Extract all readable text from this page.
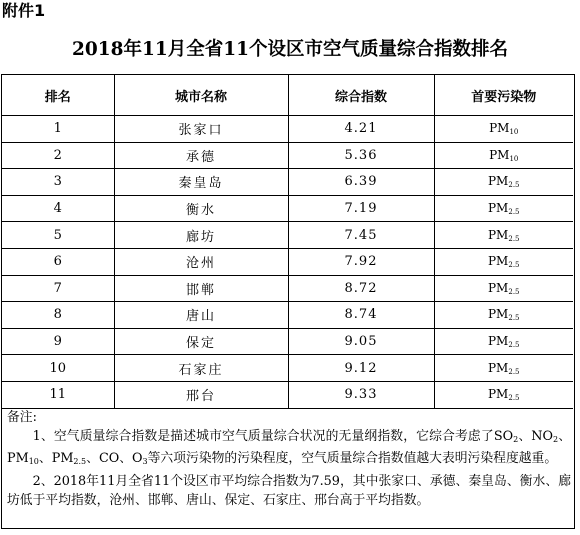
附件1
2018年11月全省11个设区市空气质量综合指数排名
排名	城市名称	综合指数	首要污染物
1	张家口	4.21	$PM_{10}$
2	承德	5.36	$PM_{10}$
3	秦皇岛	6.39	$PM_{2.5}$
4	衡水	7.19	$PM_{2.5}$
5	廊坊	7.45	$PM_{2.5}$
6	沧州	7.92	$PM_{2.5}$
7	邯郸	8.72	$PM_{2.5}$
8	唐山	8.74	$PM_{2.5}$
9	保定	9.05	$PM_{2.5}$
10	石家庄	9.12	$PM_{2.5}$
11	邢台	9.33	$PM_{2.5}$

备注:

1、空气质量综合指数是描述城市空气质量综合状况的无量纲指数，它综合考虑了$SO_2$、$NO_2$、$PM_{10}$、$PM_{2.5}$、CO、$O_3$等六项污染物的污染程度，空气质量综合指数值越大表明污染程度越重。

2、2018年11月全省11个设区市平均综合指数为7.59，其中张家口、承德、秦皇岛、衡水、廊坊低于平均指数，沧州、邯郸、唐山、保定、石家庄、邢台高于平均指数。
